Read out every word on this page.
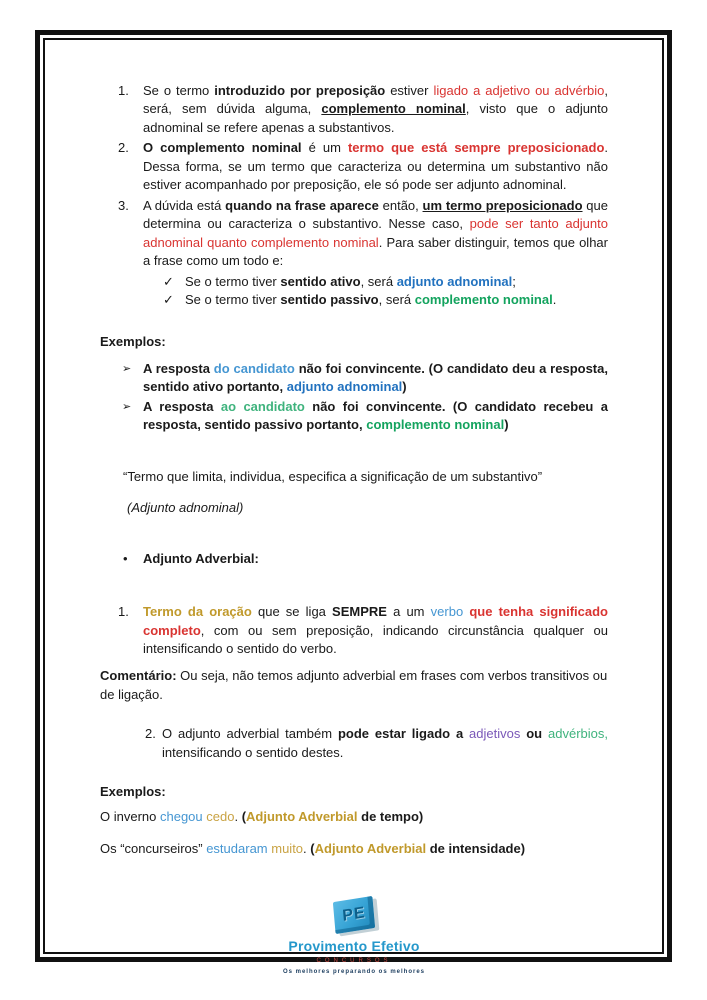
1.	Se o termo introduzido por preposição estiver ligado a adjetivo ou advérbio, será, sem dúvida alguma, complemento nominal, visto que o adjunto adnominal se refere apenas a substantivos.
2.	O complemento nominal é um termo que está sempre preposicionado. Dessa forma, se um termo que caracteriza ou determina um substantivo não estiver acompanhado por preposição, ele só pode ser adjunto adnominal.
3.	A dúvida está quando na frase aparece então, um termo preposicionado que determina ou caracteriza o substantivo. Nesse caso, pode ser tanto adjunto adnominal quanto complemento nominal. Para saber distinguir, temos que olhar a frase como um todo e:
✓ Se o termo tiver sentido ativo, será adjunto adnominal;
✓ Se o termo tiver sentido passivo, será complemento nominal.
Exemplos:
➢ A resposta do candidato não foi convincente. (O candidato deu a resposta, sentido ativo portanto, adjunto adnominal)
➢ A resposta ao candidato não foi convincente. (O candidato recebeu a resposta, sentido passivo portanto, complemento nominal)
“Termo que limita, individua, especifica a significação de um substantivo”
(Adjunto adnominal)
•	Adjunto Adverbial:
1.	Termo da oração que se liga SEMPRE a um verbo que tenha significado completo, com ou sem preposição, indicando circunstância qualquer ou intensificando o sentido do verbo.
Comentário: Ou seja, não temos adjunto adverbial em frases com verbos transitivos ou de ligação.
2. O adjunto adverbial também pode estar ligado a adjetivos ou advérbios, intensificando o sentido destes.
Exemplos:
O inverno chegou cedo. (Adjunto Adverbial de tempo)
Os “concurseiros” estudaram muito. (Adjunto Adverbial de intensidade)
PE
Provimento Efetivo
CONCURSOS
Os melhores preparando os melhores
